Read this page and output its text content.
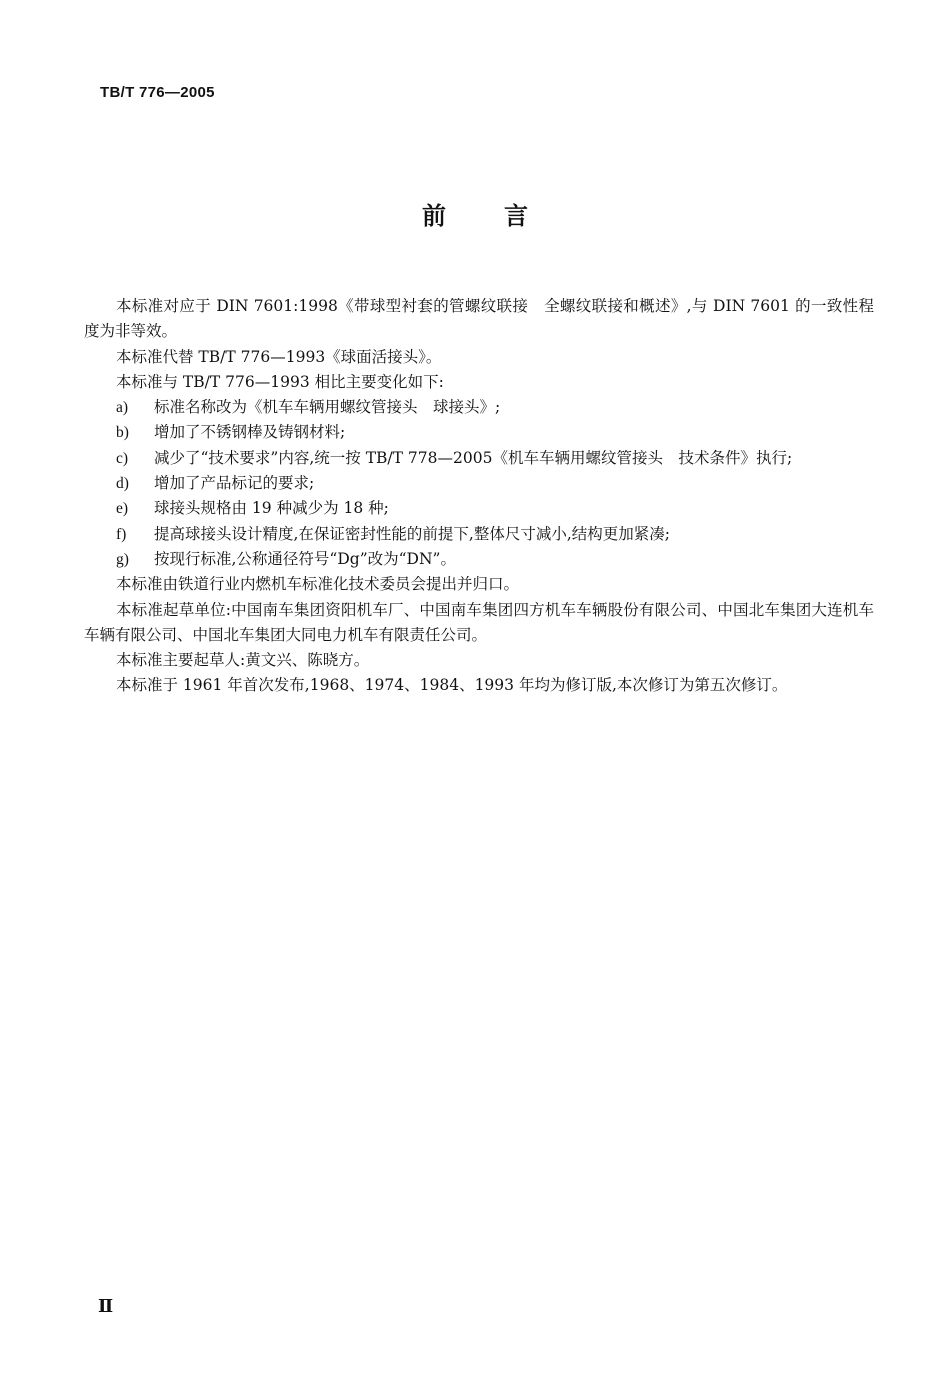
TB/T 776—2005
前 言

本标准对应于 DIN 7601:1998《带球型衬套的管螺纹联接　全螺纹联接和概述》,与 DIN 7601 的一致性程度为非等效。

本标准代替 TB/T 776—1993《球面活接头》。

本标准与 TB/T 776—1993 相比主要变化如下:

a) 标准名称改为《机车车辆用螺纹管接头　球接头》;

b) 增加了不锈钢棒及铸钢材料;

c) 减少了“技术要求”内容,统一按 TB/T 778—2005《机车车辆用螺纹管接头　技术条件》执行;

d) 增加了产品标记的要求;

e) 球接头规格由 19 种减少为 18 种;

f) 提高球接头设计精度,在保证密封性能的前提下,整体尺寸减小,结构更加紧凑;

g) 按现行标准,公称通径符号“Dg”改为“DN”。

本标准由铁道行业内燃机车标准化技术委员会提出并归口。

本标准起草单位:中国南车集团资阳机车厂、中国南车集团四方机车车辆股份有限公司、中国北车集团大连机车车辆有限公司、中国北车集团大同电力机车有限责任公司。

本标准主要起草人:黄文兴、陈晓方。

本标准于 1961 年首次发布,1968、1974、1984、1993 年均为修订版,本次修订为第五次修订。

Ⅱ
